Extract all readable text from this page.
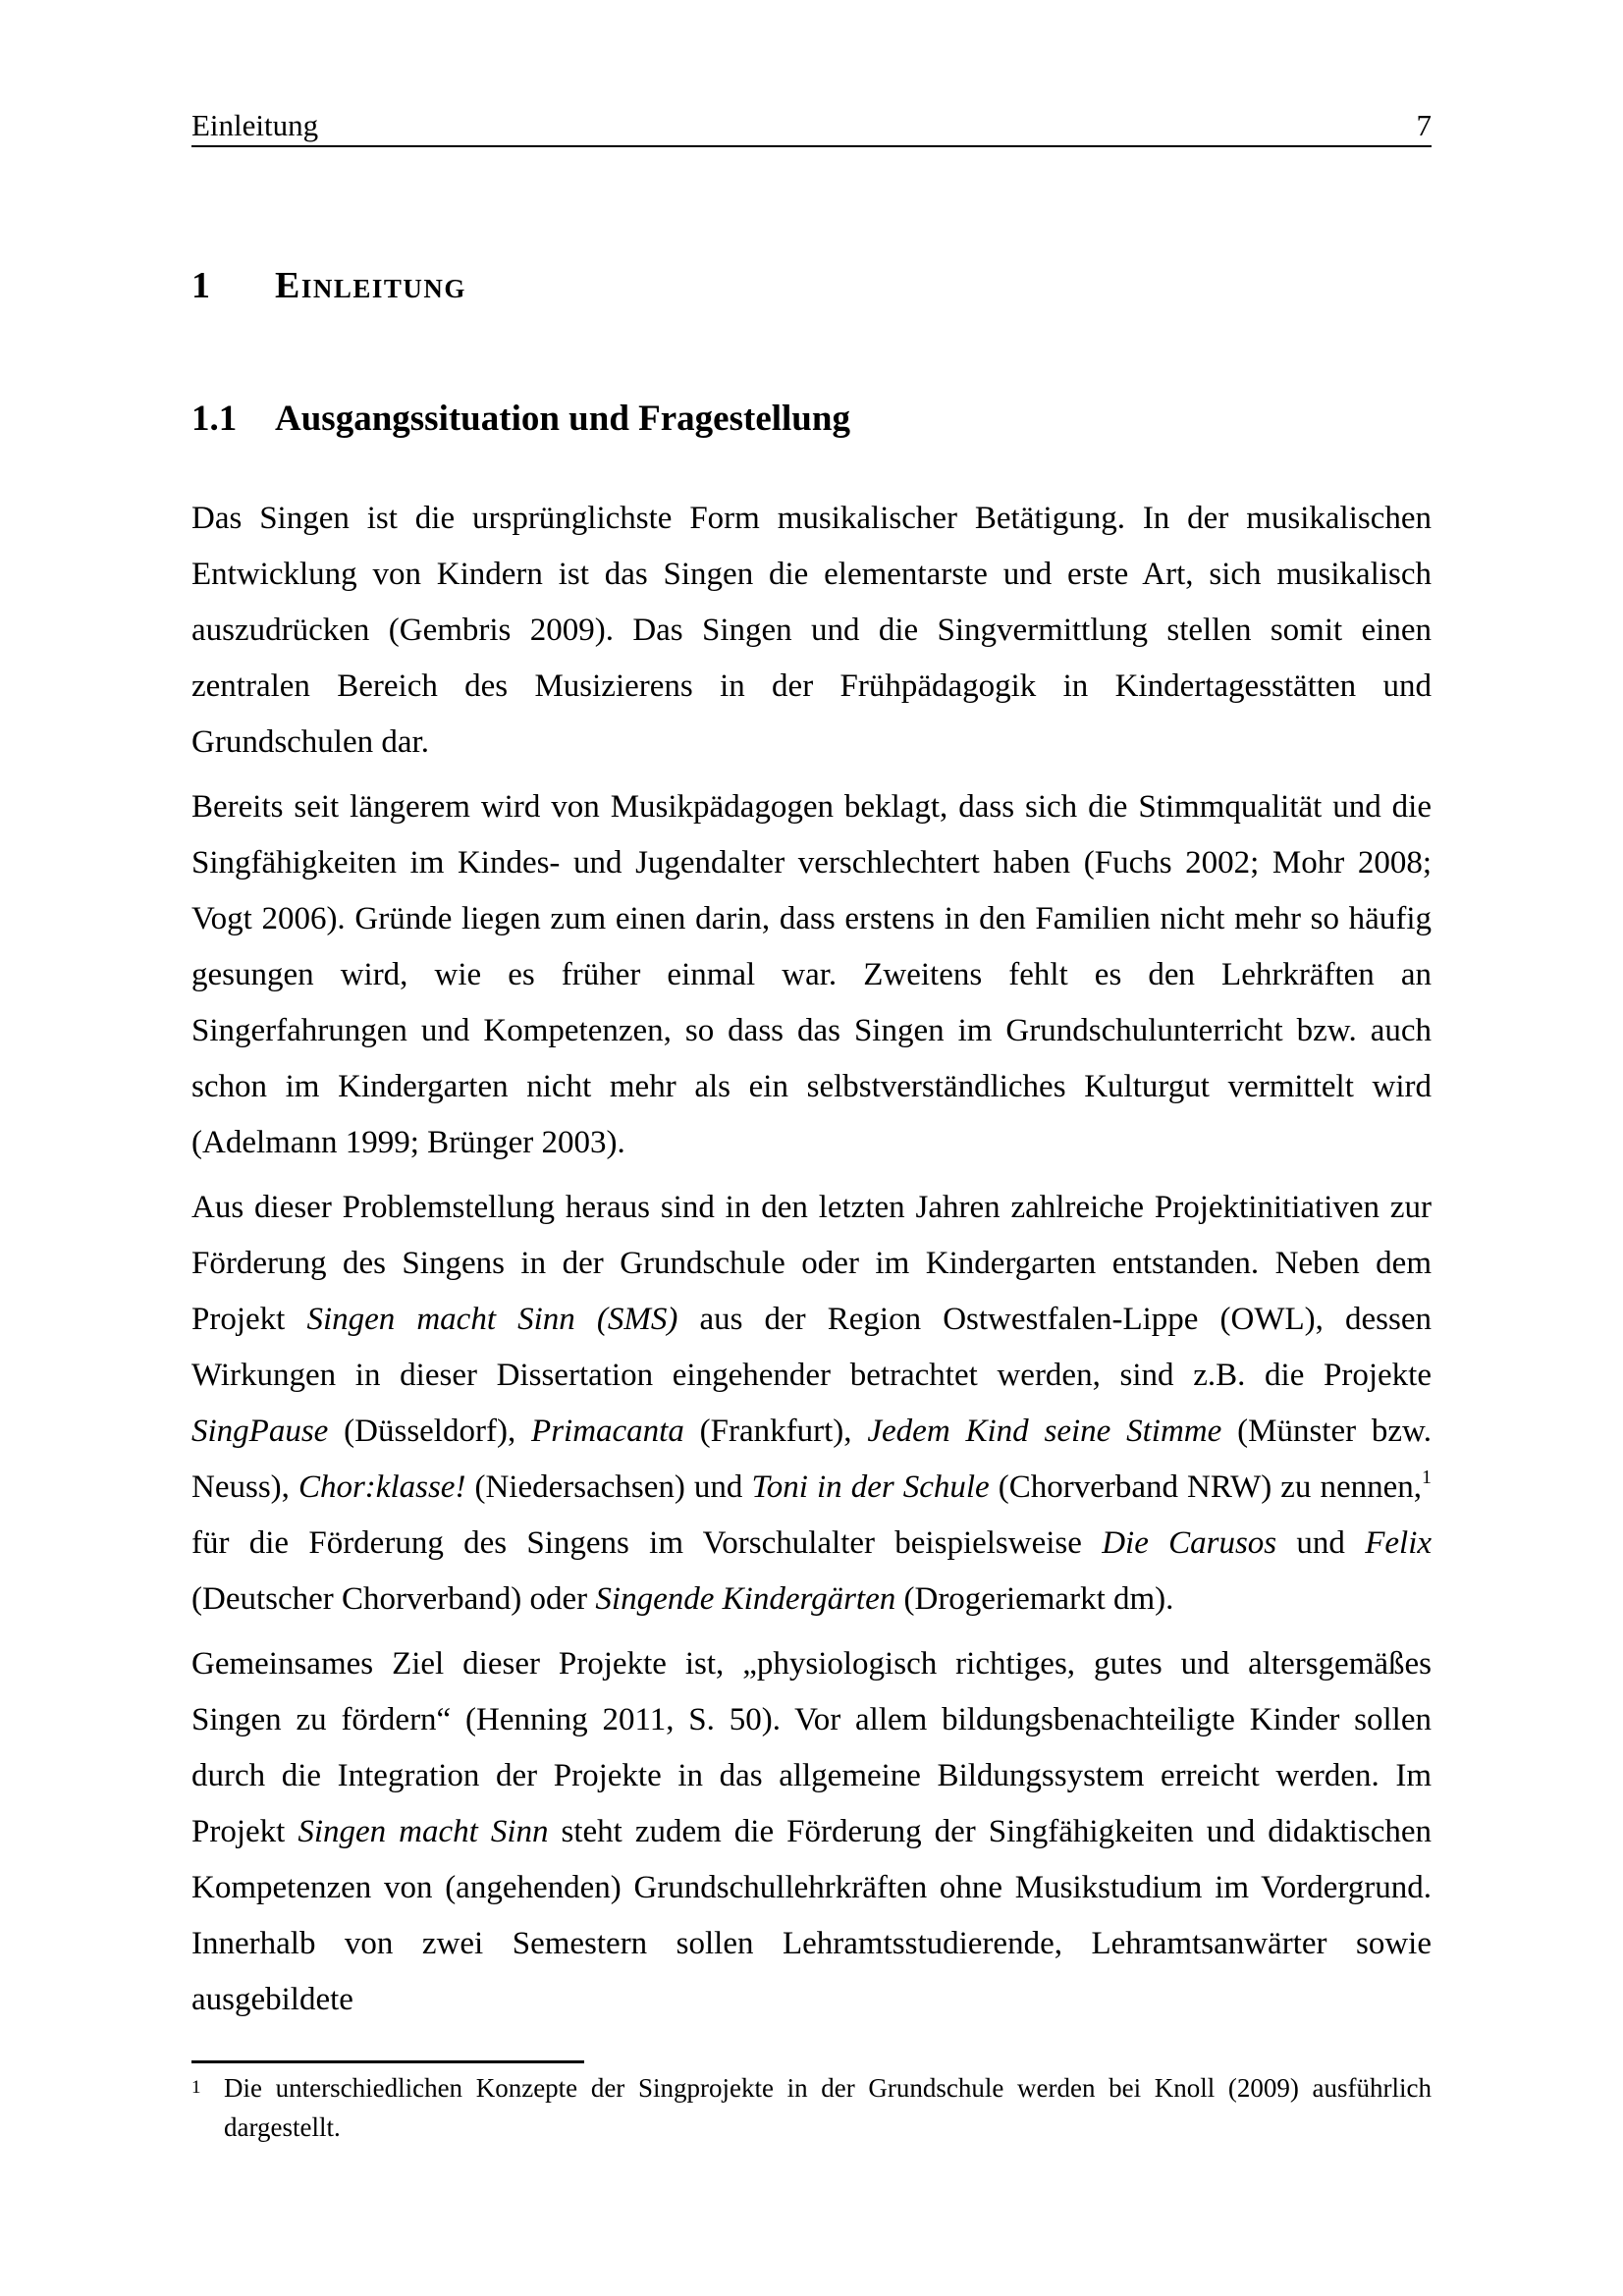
Einleitung	7
1	Einleitung
1.1	Ausgangssituation und Fragestellung

Das Singen ist die ursprünglichste Form musikalischer Betätigung. In der musikalischen Entwicklung von Kindern ist das Singen die elementarste und erste Art, sich musikalisch auszudrücken (Gembris 2009). Das Singen und die Singvermittlung stellen somit einen zentralen Bereich des Musizierens in der Frühpädagogik in Kindertagesstätten und Grundschulen dar.

Bereits seit längerem wird von Musikpädagogen beklagt, dass sich die Stimmqualität und die Singfähigkeiten im Kindes- und Jugendalter verschlechtert haben (Fuchs 2002; Mohr 2008; Vogt 2006). Gründe liegen zum einen darin, dass erstens in den Familien nicht mehr so häufig gesungen wird, wie es früher einmal war. Zweitens fehlt es den Lehrkräften an Singerfahrungen und Kompetenzen, so dass das Singen im Grundschulunterricht bzw. auch schon im Kindergarten nicht mehr als ein selbstverständliches Kulturgut vermittelt wird (Adelmann 1999; Brünger 2003).

Aus dieser Problemstellung heraus sind in den letzten Jahren zahlreiche Projektinitiativen zur Förderung des Singens in der Grundschule oder im Kindergarten entstanden. Neben dem Projekt Singen macht Sinn (SMS) aus der Region Ostwestfalen-Lippe (OWL), dessen Wirkungen in dieser Dissertation eingehender betrachtet werden, sind z.B. die Projekte SingPause (Düsseldorf), Primacanta (Frankfurt), Jedem Kind seine Stimme (Münster bzw. Neuss), Chor:klasse! (Niedersachsen) und Toni in der Schule (Chorverband NRW) zu nennen,$^1$ für die Förderung des Singens im Vorschulalter beispielsweise Die Carusos und Felix (Deutscher Chorverband) oder Singende Kindergärten (Drogeriemarkt dm).

Gemeinsames Ziel dieser Projekte ist, „physiologisch richtiges, gutes und altersgemäßes Singen zu fördern“ (Henning 2011, S. 50). Vor allem bildungsbenachteiligte Kinder sollen durch die Integration der Projekte in das allgemeine Bildungssystem erreicht werden. Im Projekt Singen macht Sinn steht zudem die Förderung der Singfähigkeiten und didaktischen Kompetenzen von (angehenden) Grundschullehrkräften ohne Musikstudium im Vordergrund. Innerhalb von zwei Semestern sollen Lehramtsstudierende, Lehramtsanwärter sowie ausgebildete

1 Die unterschiedlichen Konzepte der Singprojekte in der Grundschule werden bei Knoll (2009) ausführlich dargestellt.
